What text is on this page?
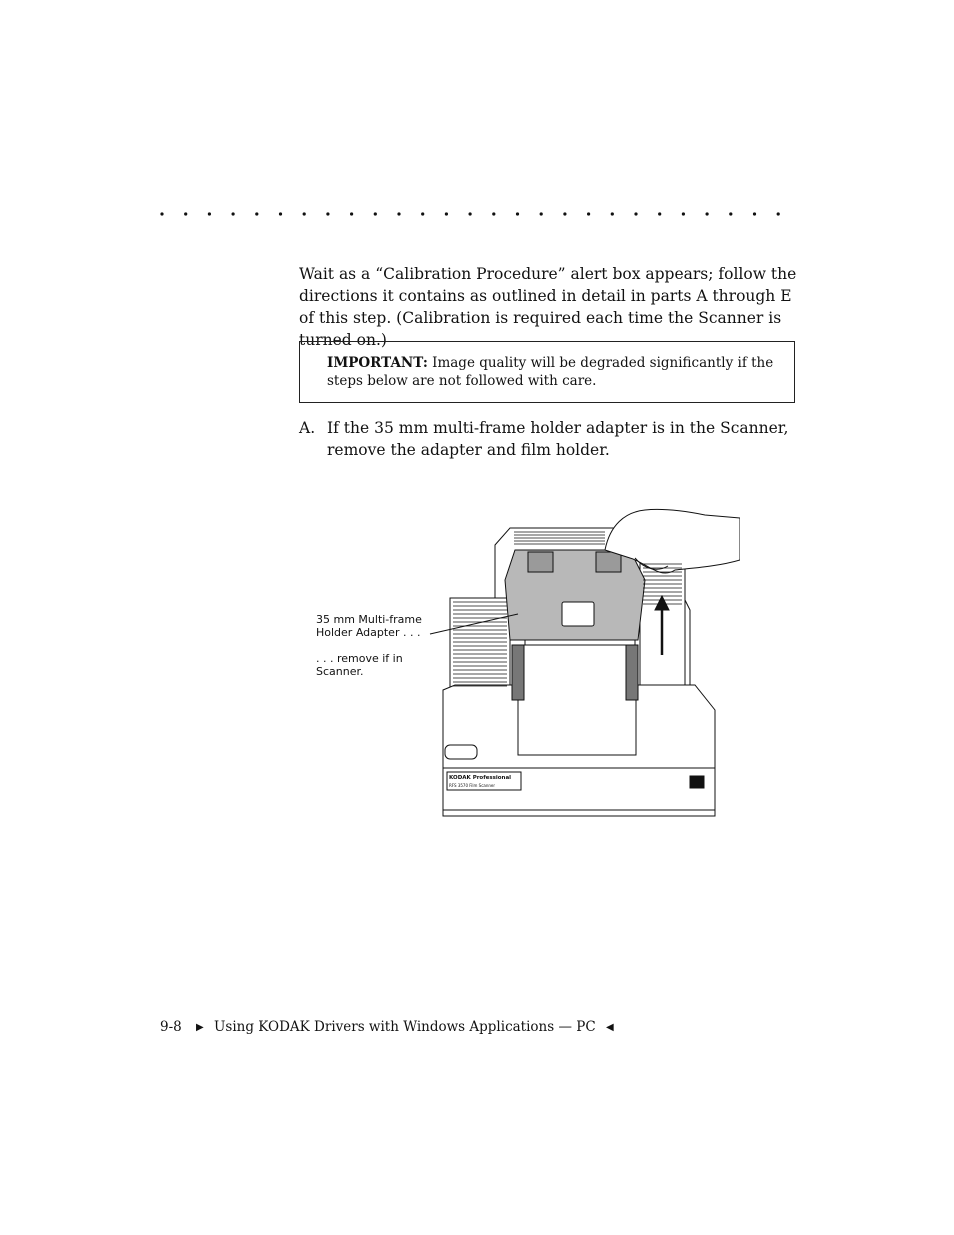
Wait as a “Calibration Procedure” alert box appears; follow the directions it contains as outlined in detail in parts A through E of this step. (Calibration is required each time the Scanner is turned on.)

IMPORTANT: Image quality will be degraded significantly if the steps below are not followed with care.
A. If the 35 mm multi-frame holder adapter is in the Scanner, remove the adapter and film holder.
KODAK Professional
RFS 3570 Film Scanner
35 mm Multi-frame
Holder Adapter . . .
. . . remove if in
Scanner.
9-8 ▶ Using KODAK Drivers with Windows Applications — PC ◀
